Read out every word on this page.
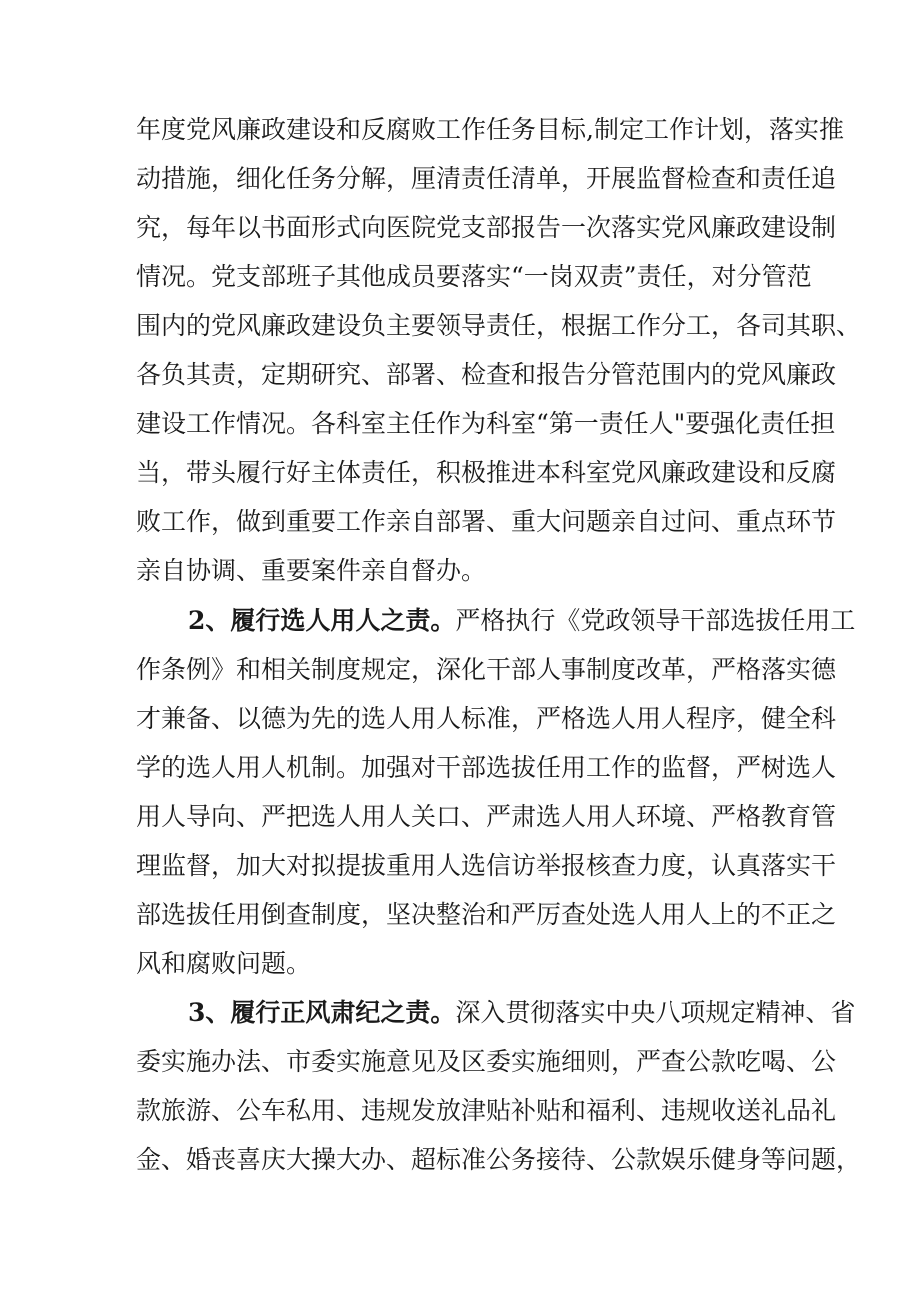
年度党风廉政建设和反腐败工作任务目标,制定工作计划，落实推
动措施，细化任务分解，厘清责任清单，开展监督检查和责任追
究，每年以书面形式向医院党支部报告一次落实党风廉政建设制
情况。党支部班子其他成员要落实“一岗双责”责任，对分管范
围内的党风廉政建设负主要领导责任，根据工作分工，各司其职、
各负其责，定期研究、部署、检查和报告分管范围内的党风廉政
建设工作情况。各科室主任作为科室“第一责任人"要强化责任担
当，带头履行好主体责任，积极推进本科室党风廉政建设和反腐
败工作，做到重要工作亲自部署、重大问题亲自过问、重点环节
亲自协调、重要案件亲自督办。
2、履行选人用人之责。严格执行《党政领导干部选拔任用工
作条例》和相关制度规定，深化干部人事制度改革，严格落实德
才兼备、以德为先的选人用人标准，严格选人用人程序，健全科
学的选人用人机制。加强对干部选拔任用工作的监督，严树选人
用人导向、严把选人用人关口、严肃选人用人环境、严格教育管
理监督，加大对拟提拔重用人选信访举报核查力度，认真落实干
部选拔任用倒查制度，坚决整治和严厉查处选人用人上的不正之
风和腐败问题。
3、履行正风肃纪之责。深入贯彻落实中央八项规定精神、省
委实施办法、市委实施意见及区委实施细则，严查公款吃喝、公
款旅游、公车私用、违规发放津贴补贴和福利、违规收送礼品礼
金、婚丧喜庆大操大办、超标准公务接待、公款娱乐健身等问题，
